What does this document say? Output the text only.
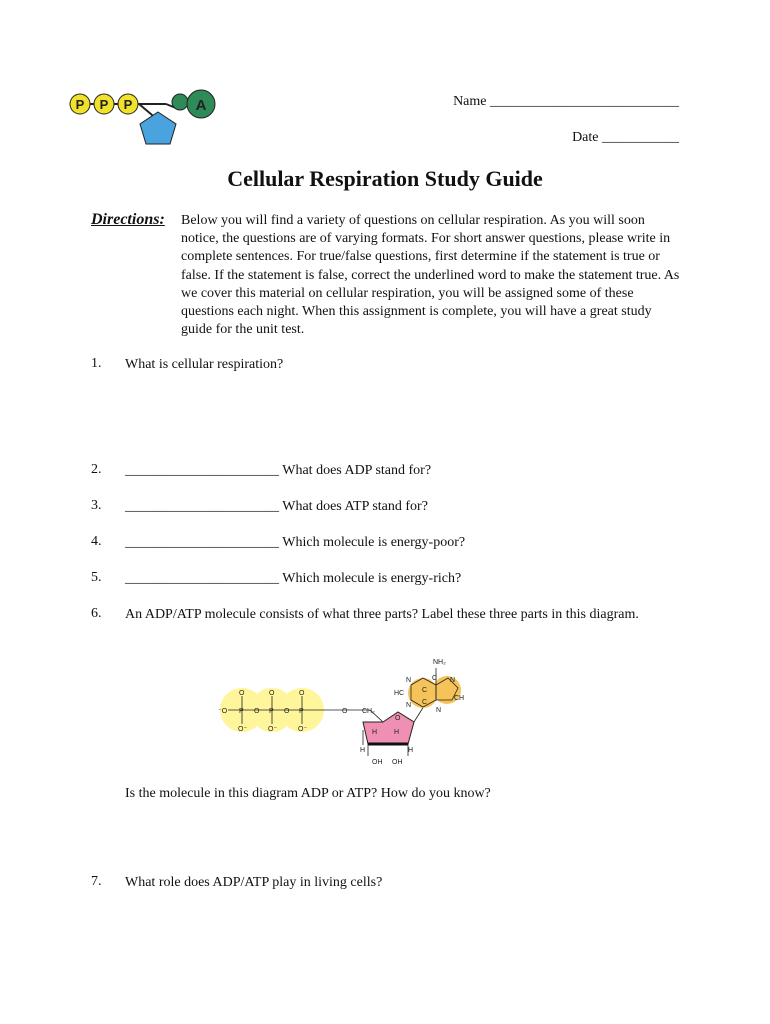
P P P	A	Name ___________________________
Date ___________
Cellular Respiration Study Guide
Directions: Below you will find a variety of questions on cellular respiration. As you will soon notice, the questions are of varying formats. For short answer questions, please write in complete sentences. For true/false questions, first determine if the statement is true or false. If the statement is false, correct the underlined word to make the statement true. As we cover this material on cellular respiration, you will be assigned some of these questions each night. When this assignment is complete, you will have a great study guide for the unit test.
1. What is cellular respiration?
2. ______________________ What does ADP stand for?
3. ______________________ What does ATP stand for?
4. ______________________ Which molecule is energy-poor?
5. ______________________ Which molecule is energy-rich?
6. An ADP/ATP molecule consists of what three parts? Label these three parts in this diagram.
O	O	O
P	P	P
O⁻	O⁻	O⁻
⁻O	O	O	O CH₂
H H
H	H
O
OH OH
NH₂
C
N
HC	C
N C
N
N
CH
Is the molecule in this diagram ADP or ATP? How do you know?
7. What role does ADP/ATP play in living cells?
